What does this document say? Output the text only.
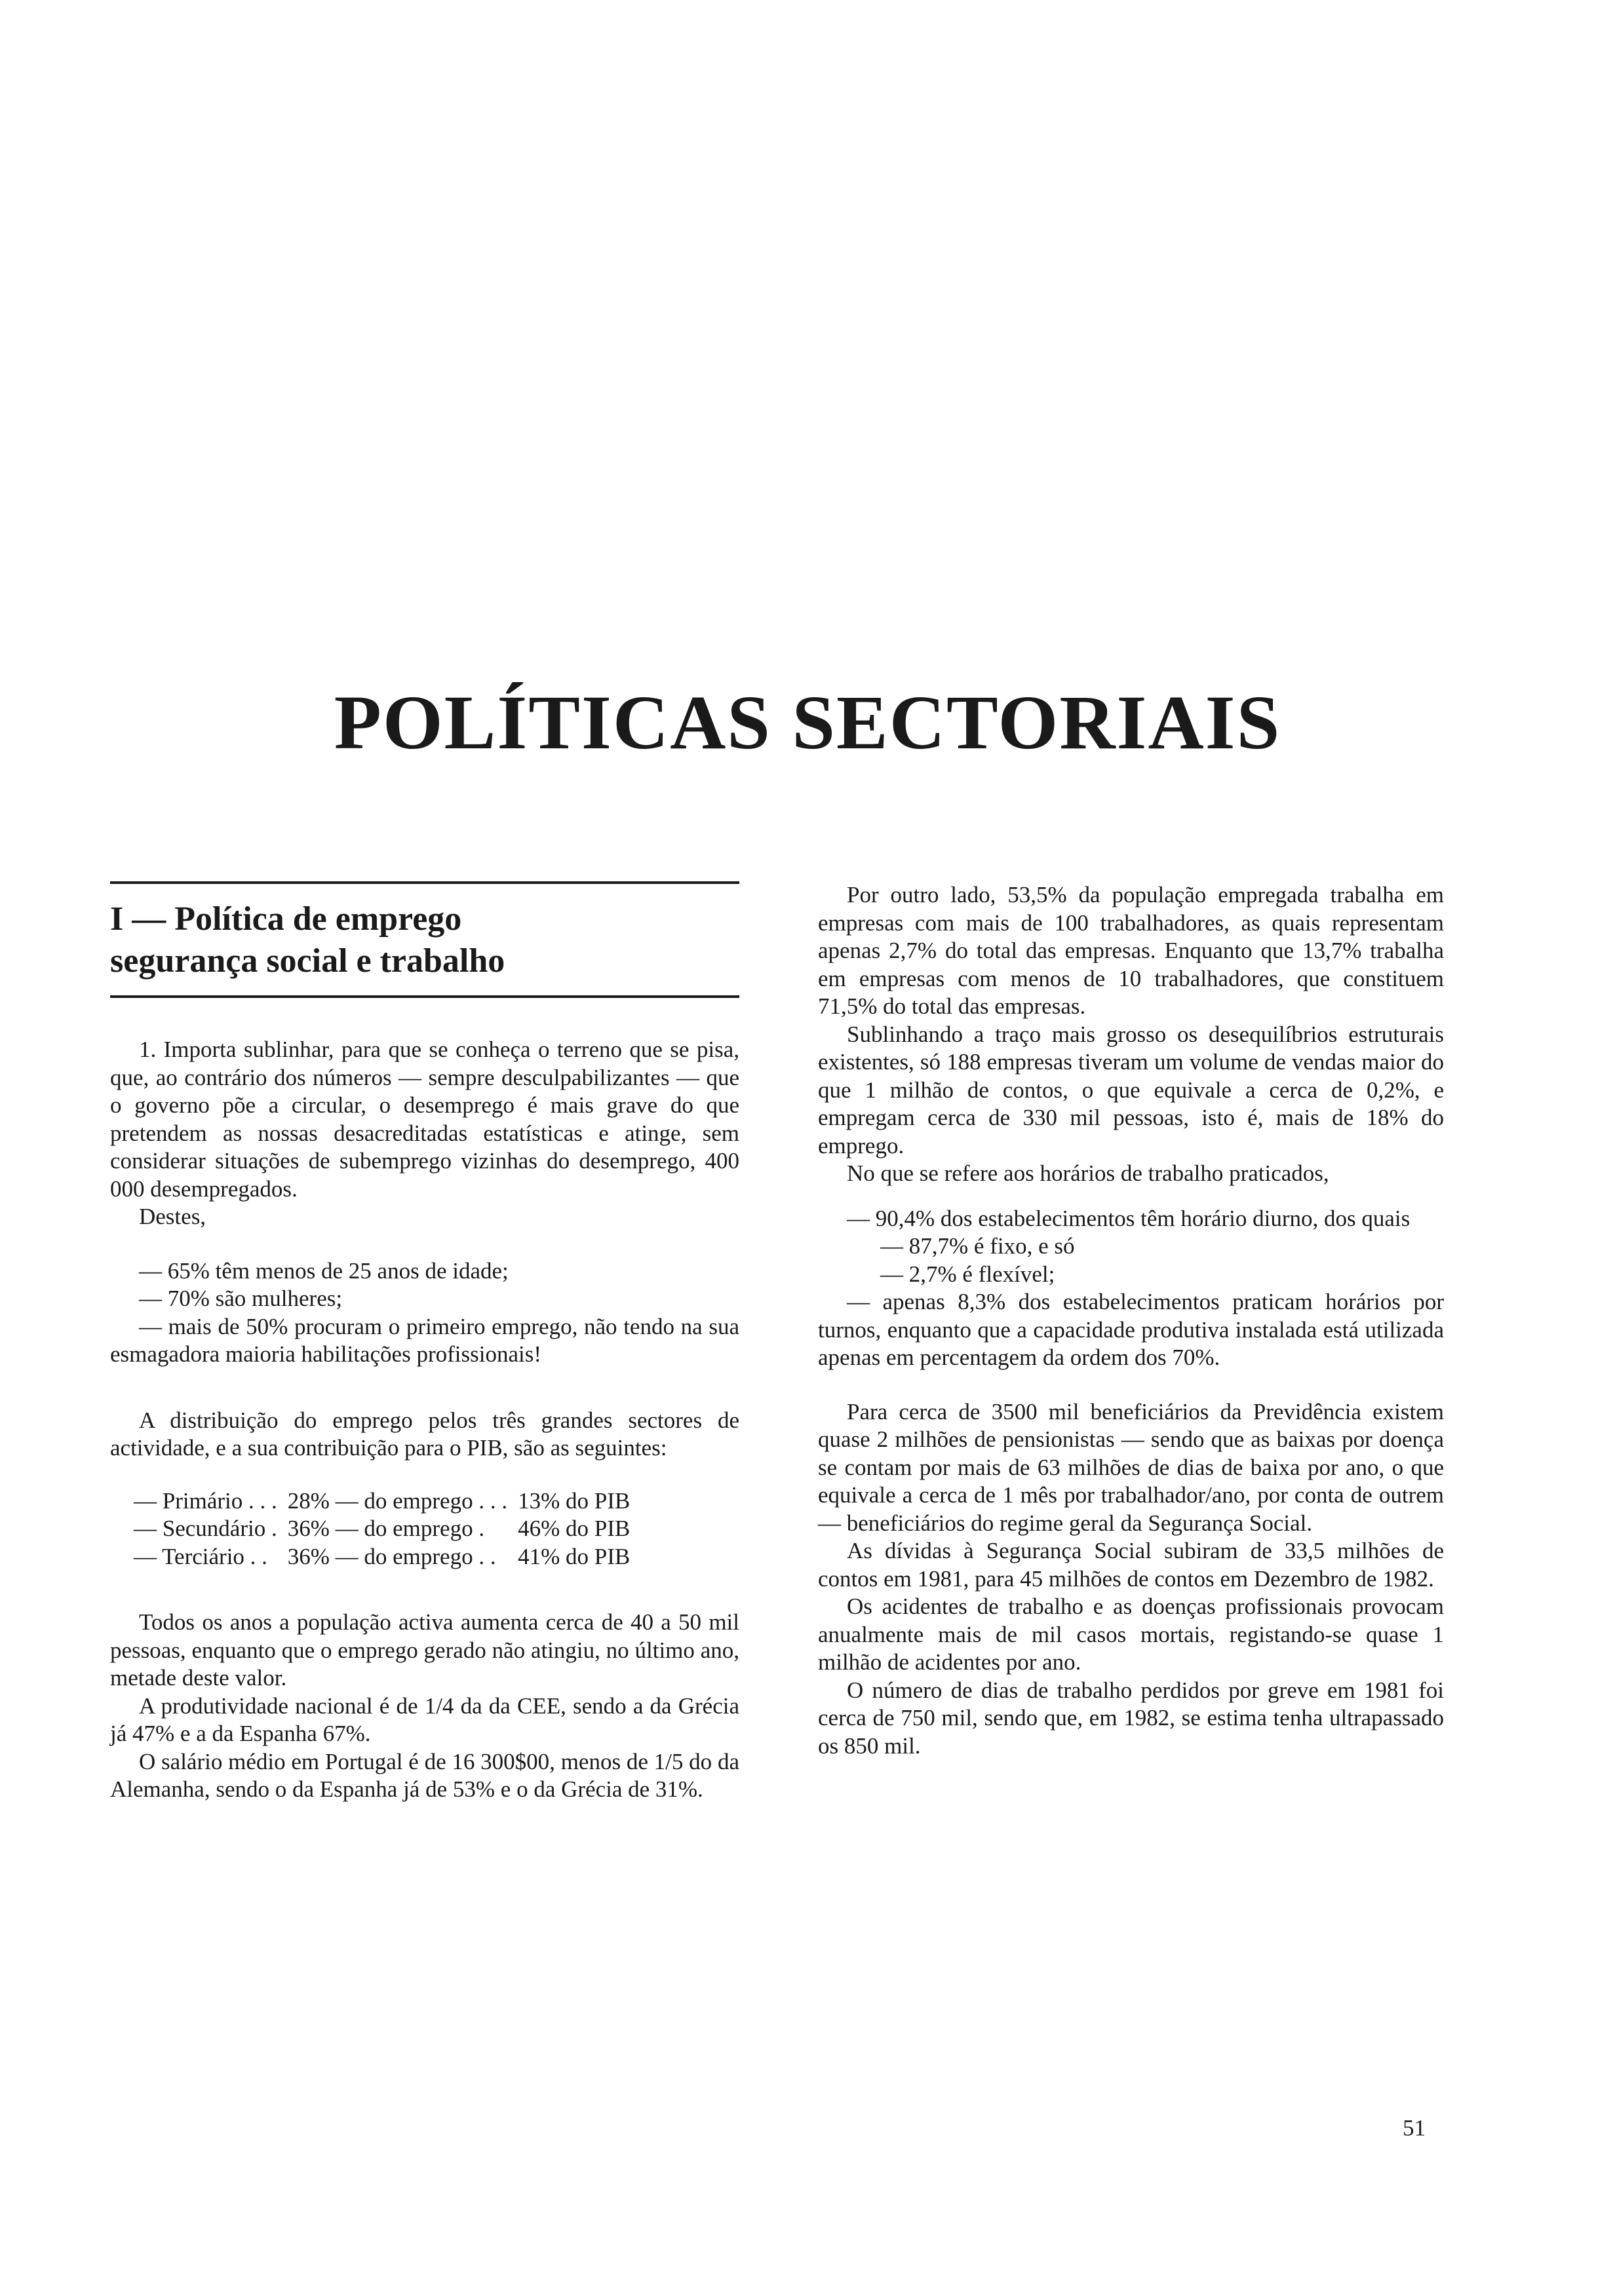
POLÍTICAS SECTORIAIS
I — Política de emprego
segurança social e trabalho

1. Importa sublinhar, para que se conheça o terreno que se pisa, que, ao contrário dos números — sempre desculpabilizantes — que o governo põe a circular, o desemprego é mais grave do que pretendem as nossas desacreditadas estatísticas e atinge, sem considerar situações de subemprego vizinhas do desemprego, 400 000 desempregados.

Destes,

— 65% têm menos de 25 anos de idade;

— 70% são mulheres;

— mais de 50% procuram o primeiro emprego, não tendo na sua esmagadora maioria habilitações profissionais!

A distribuição do emprego pelos três grandes sectores de actividade, e a sua contribuição para o PIB, são as seguintes:

— Primário . . .	28% — do emprego . . .	13% do PIB
— Secundário .	36% — do emprego .	46% do PIB
— Terciário . .	36% — do emprego . .	41% do PIB

Todos os anos a população activa aumenta cerca de 40 a 50 mil pessoas, enquanto que o emprego gerado não atingiu, no último ano, metade deste valor.

A produtividade nacional é de 1/4 da da CEE, sendo a da Grécia já 47% e a da Espanha 67%.

O salário médio em Portugal é de 16 300$00, menos de 1/5 do da Alemanha, sendo o da Espanha já de 53% e o da Grécia de 31%.

Por outro lado, 53,5% da população empregada trabalha em empresas com mais de 100 trabalhadores, as quais representam apenas 2,7% do total das empresas. Enquanto que 13,7% trabalha em empresas com menos de 10 trabalhadores, que constituem 71,5% do total das empresas.

Sublinhando a traço mais grosso os desequilíbrios estruturais existentes, só 188 empresas tiveram um volume de vendas maior do que 1 milhão de contos, o que equivale a cerca de 0,2%, e empregam cerca de 330 mil pessoas, isto é, mais de 18% do emprego.

No que se refere aos horários de trabalho praticados,

— 90,4% dos estabelecimentos têm horário diurno, dos quais

— 87,7% é fixo, e só

— 2,7% é flexível;

— apenas 8,3% dos estabelecimentos praticam horários por turnos, enquanto que a capacidade produtiva instalada está utilizada apenas em percentagem da ordem dos 70%.

Para cerca de 3500 mil beneficiários da Previdência existem quase 2 milhões de pensionistas — sendo que as baixas por doença se contam por mais de 63 milhões de dias de baixa por ano, o que equivale a cerca de 1 mês por trabalhador/ano, por conta de outrem — beneficiários do regime geral da Segurança Social.

As dívidas à Segurança Social subiram de 33,5 milhões de contos em 1981, para 45 milhões de contos em Dezembro de 1982.

Os acidentes de trabalho e as doenças profissionais provocam anualmente mais de mil casos mortais, registando-se quase 1 milhão de acidentes por ano.

O número de dias de trabalho perdidos por greve em 1981 foi cerca de 750 mil, sendo que, em 1982, se estima tenha ultrapassado os 850 mil.

51
